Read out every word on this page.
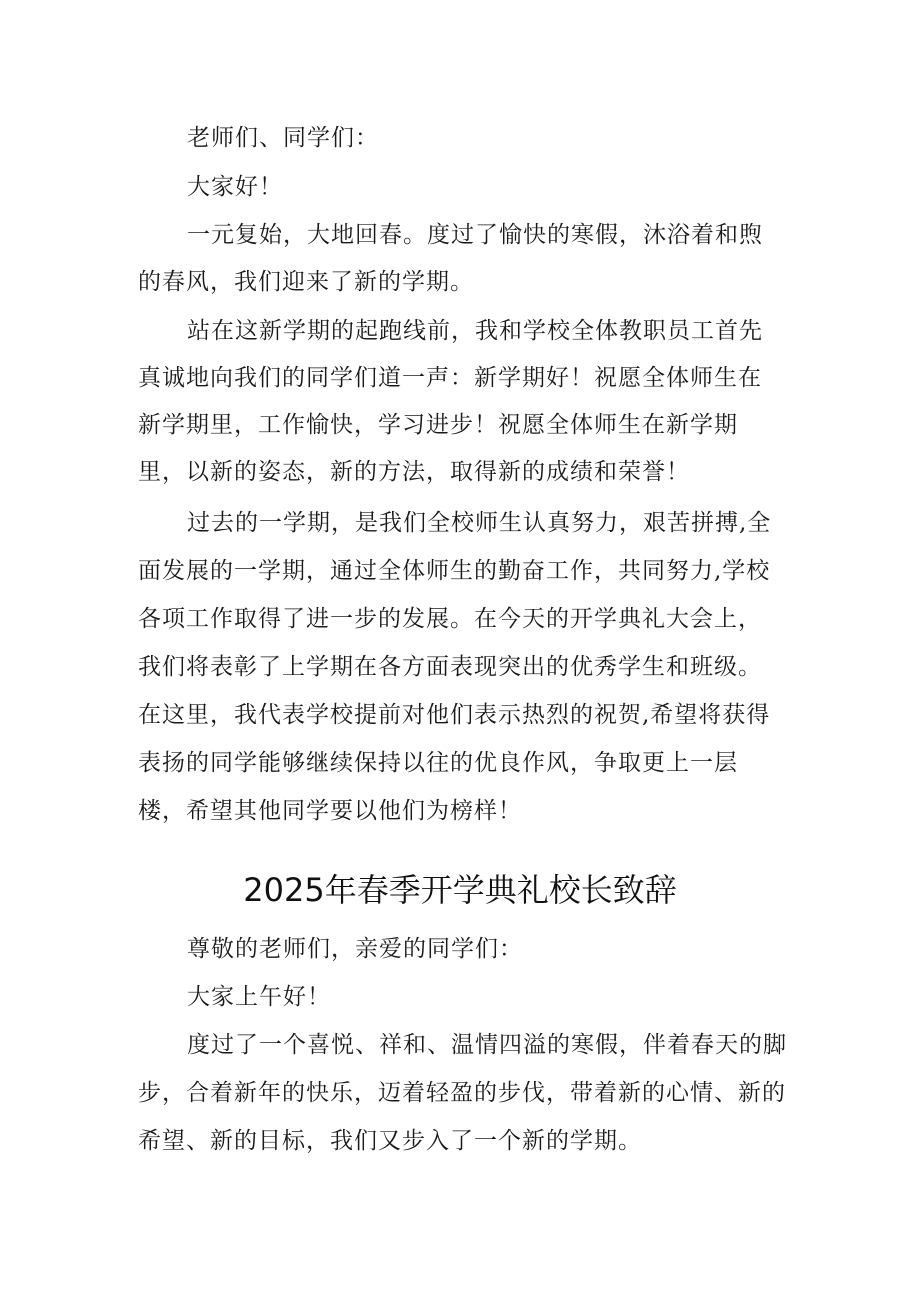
老师们、同学们：
大家好！
一元复始，大地回春。度过了愉快的寒假，沐浴着和煦
的春风，我们迎来了新的学期。
站在这新学期的起跑线前，我和学校全体教职员工首先
真诚地向我们的同学们道一声：新学期好！祝愿全体师生在
新学期里，工作愉快，学习进步！祝愿全体师生在新学期
里，以新的姿态，新的方法，取得新的成绩和荣誉！
过去的一学期，是我们全校师生认真努力，艰苦拼搏,全
面发展的一学期，通过全体师生的勤奋工作，共同努力,学校
各项工作取得了进一步的发展。在今天的开学典礼大会上，
我们将表彰了上学期在各方面表现突出的优秀学生和班级。
在这里，我代表学校提前对他们表示热烈的祝贺,希望将获得
表扬的同学能够继续保持以往的优良作风，争取更上一层
楼，希望其他同学要以他们为榜样！
2025年春季开学典礼校长致辞
尊敬的老师们，亲爱的同学们：
大家上午好！
度过了一个喜悦、祥和、温情四溢的寒假，伴着春天的脚
步，合着新年的快乐，迈着轻盈的步伐，带着新的心情、新的
希望、新的目标，我们又步入了一个新的学期。
